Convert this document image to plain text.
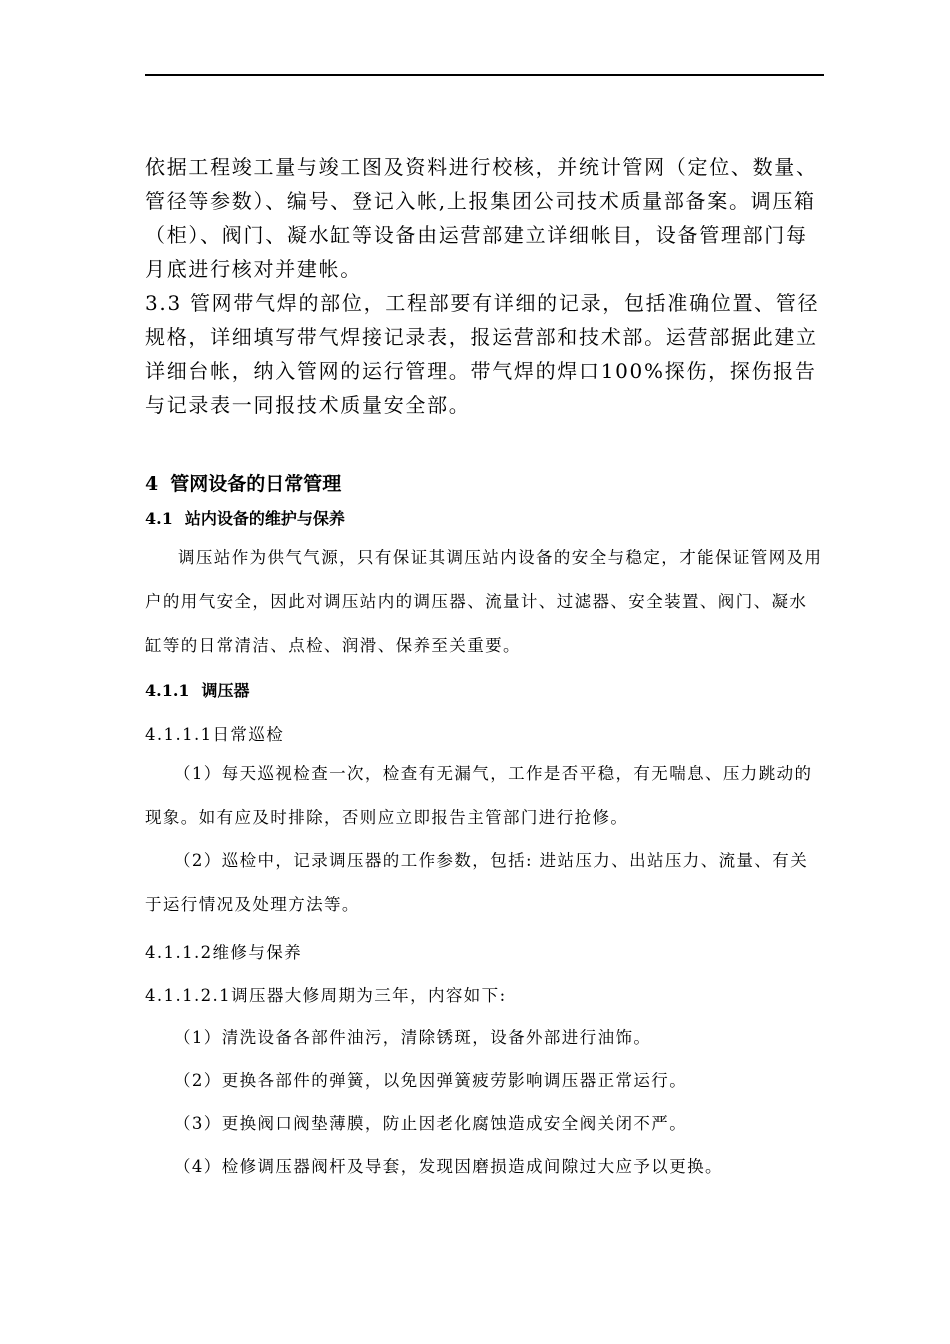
依据工程竣工量与竣工图及资料进行校核，并统计管网（定位、数量、管径等参数）、编号、登记入帐,上报集团公司技术质量部备案。调压箱（柜）、阀门、凝水缸等设备由运营部建立详细帐目，设备管理部门每月底进行核对并建帐。

3.3 管网带气焊的部位，工程部要有详细的记录，包括准确位置、管径规格，详细填写带气焊接记录表，报运营部和技术部。运营部据此建立详细台帐，纳入管网的运行管理。带气焊的焊口100%探伤，探伤报告与记录表一同报技术质量安全部。

4 管网设备的日常管理
4.1 站内设备的维护与保养

调压站作为供气气源，只有保证其调压站内设备的安全与稳定，才能保证管网及用户的用气安全，因此对调压站内的调压器、流量计、过滤器、安全装置、阀门、凝水缸等的日常清洁、点检、润滑、保养至关重要。

4.1.1 调压器
4.1.1.1日常巡检

（1）每天巡视检查一次，检查有无漏气，工作是否平稳，有无喘息、压力跳动的现象。如有应及时排除，否则应立即报告主管部门进行抢修。

（2）巡检中，记录调压器的工作参数，包括: 进站压力、出站压力、流量、有关于运行情况及处理方法等。

4.1.1.2维修与保养
4.1.1.2.1调压器大修周期为三年，内容如下:
（1）清洗设备各部件油污，清除锈斑，设备外部进行油饰。
（2）更换各部件的弹簧，以免因弹簧疲劳影响调压器正常运行。
（3）更换阀口阀垫薄膜，防止因老化腐蚀造成安全阀关闭不严。
（4）检修调压器阀杆及导套，发现因磨损造成间隙过大应予以更换。
